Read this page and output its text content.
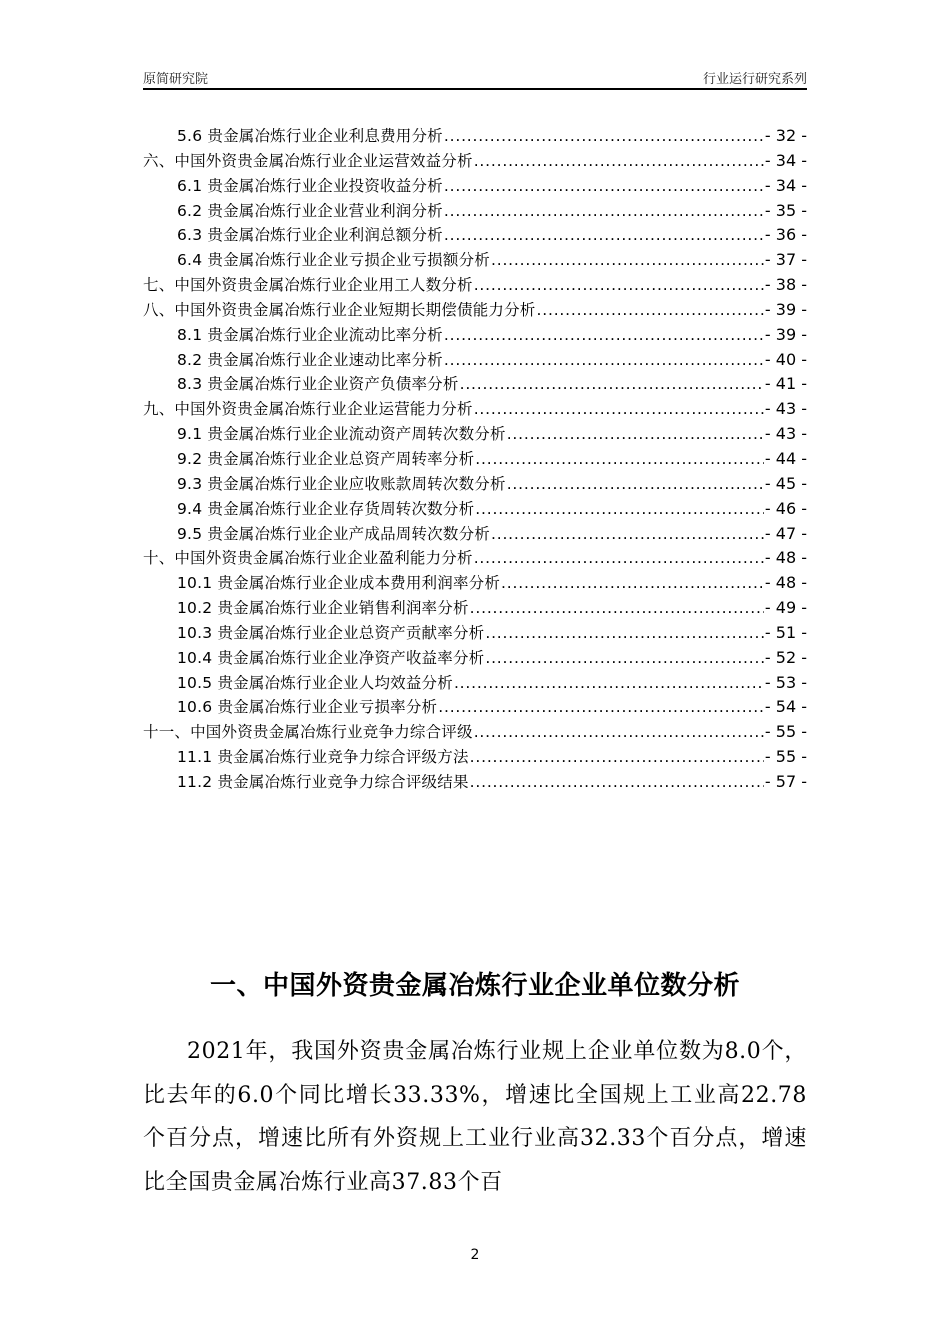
原简研究院	行业运行研究系列
5.6 贵金属冶炼行业企业利息费用分析 .....	- 32 -
六、中国外资贵金属冶炼行业企业运营效益分析 .....	- 34 -
6.1 贵金属冶炼行业企业投资收益分析 .....	- 34 -
6.2 贵金属冶炼行业企业营业利润分析 .....	- 35 -
6.3 贵金属冶炼行业企业利润总额分析 .....	- 36 -
6.4 贵金属冶炼行业企业亏损企业亏损额分析 .....	- 37 -
七、中国外资贵金属冶炼行业企业用工人数分析 .....	- 38 -
八、中国外资贵金属冶炼行业企业短期长期偿债能力分析 .....	- 39 -
8.1 贵金属冶炼行业企业流动比率分析 .....	- 39 -
8.2 贵金属冶炼行业企业速动比率分析 .....	- 40 -
8.3 贵金属冶炼行业企业资产负债率分析 .....	- 41 -
九、中国外资贵金属冶炼行业企业运营能力分析 .....	- 43 -
9.1 贵金属冶炼行业企业流动资产周转次数分析 .....	- 43 -
9.2 贵金属冶炼行业企业总资产周转率分析 .....	- 44 -
9.3 贵金属冶炼行业企业应收账款周转次数分析 .....	- 45 -
9.4 贵金属冶炼行业企业存货周转次数分析 .....	- 46 -
9.5 贵金属冶炼行业企业产成品周转次数分析 .....	- 47 -
十、中国外资贵金属冶炼行业企业盈利能力分析 .....	- 48 -
10.1 贵金属冶炼行业企业成本费用利润率分析 .....	- 48 -
10.2 贵金属冶炼行业企业销售利润率分析 .....	- 49 -
10.3 贵金属冶炼行业企业总资产贡献率分析 .....	- 51 -
10.4 贵金属冶炼行业企业净资产收益率分析 .....	- 52 -
10.5 贵金属冶炼行业企业人均效益分析 .....	- 53 -
10.6 贵金属冶炼行业企业亏损率分析 .....	- 54 -
十一、中国外资贵金属冶炼行业竞争力综合评级 .....	- 55 -
11.1 贵金属冶炼行业竞争力综合评级方法 .....	- 55 -
11.2 贵金属冶炼行业竞争力综合评级结果 .....	- 57 -
一、中国外资贵金属冶炼行业企业单位数分析

2021年，我国外资贵金属冶炼行业规上企业单位数为8.0个，比去年的6.0个同比增长33.33%，增速比全国规上工业高22.78个百分点，增速比所有外资规上工业行业高32.33个百分点，增速比全国贵金属冶炼行业高37.83个百

2
